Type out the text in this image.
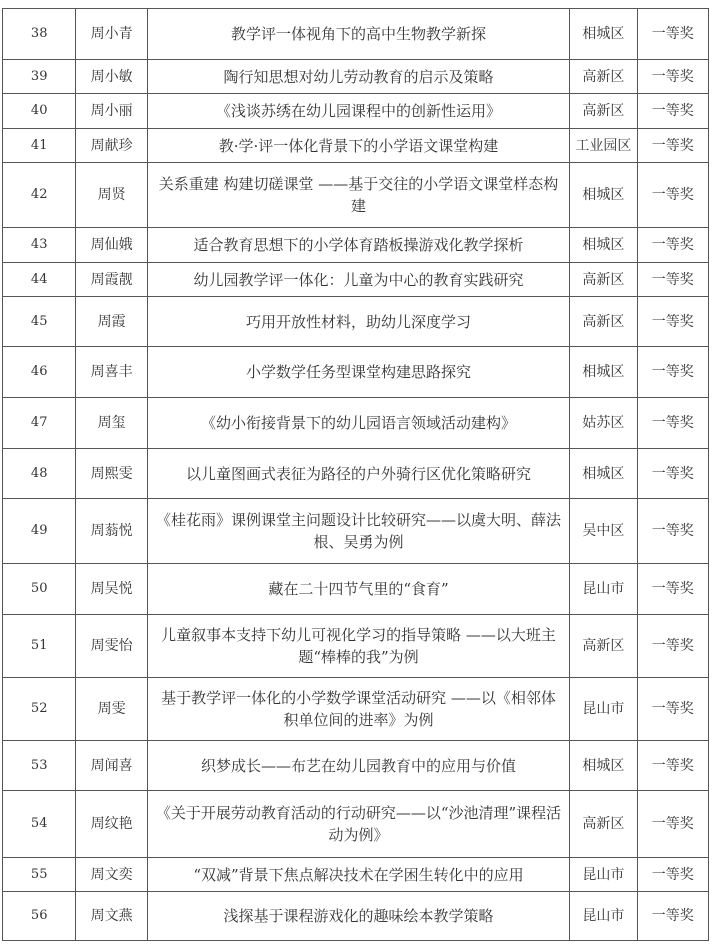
38	周小青	教学评一体视角下的高中生物教学新探	相城区	一等奖
39	周小敏	陶行知思想对幼儿劳动教育的启示及策略	高新区	一等奖
40	周小丽	《浅谈苏绣在幼儿园课程中的创新性运用》	高新区	一等奖
41	周献珍	教·学·评一体化背景下的小学语文课堂构建	工业园区	一等奖
42	周贤	关系重建 构建切磋课堂 ——基于交往的小学语文课堂样态构建	相城区	一等奖
43	周仙娥	适合教育思想下的小学体育踏板操游戏化教学探析	相城区	一等奖
44	周霞靓	幼儿园教学评一体化：儿童为中心的教育实践研究	高新区	一等奖
45	周霞	巧用开放性材料，助幼儿深度学习	高新区	一等奖
46	周喜丰	小学数学任务型课堂构建思路探究	相城区	一等奖
47	周玺	《幼小衔接背景下的幼儿园语言领域活动建构》	姑苏区	一等奖
48	周熙雯	以儿童图画式表征为路径的户外骑行区优化策略研究	相城区	一等奖
49	周蓊悦	《桂花雨》课例课堂主问题设计比较研究——以虞大明、薛法根、吴勇为例	吴中区	一等奖
50	周吴悦	藏在二十四节气里的“食育”	昆山市	一等奖
51	周雯怡	儿童叙事本支持下幼儿可视化学习的指导策略 ——以大班主题“棒棒的我”为例	高新区	一等奖
52	周雯	基于教学评一体化的小学数学课堂活动研究 ——以《相邻体积单位间的进率》为例	昆山市	一等奖
53	周闻喜	织梦成长——布艺在幼儿园教育中的应用与价值	相城区	一等奖
54	周纹艳	《关于开展劳动教育活动的行动研究——以“沙池清理”课程活动为例》	高新区	一等奖
55	周文奕	“双减”背景下焦点解决技术在学困生转化中的应用	昆山市	一等奖
56	周文燕	浅探基于课程游戏化的趣味绘本教学策略	昆山市	一等奖
